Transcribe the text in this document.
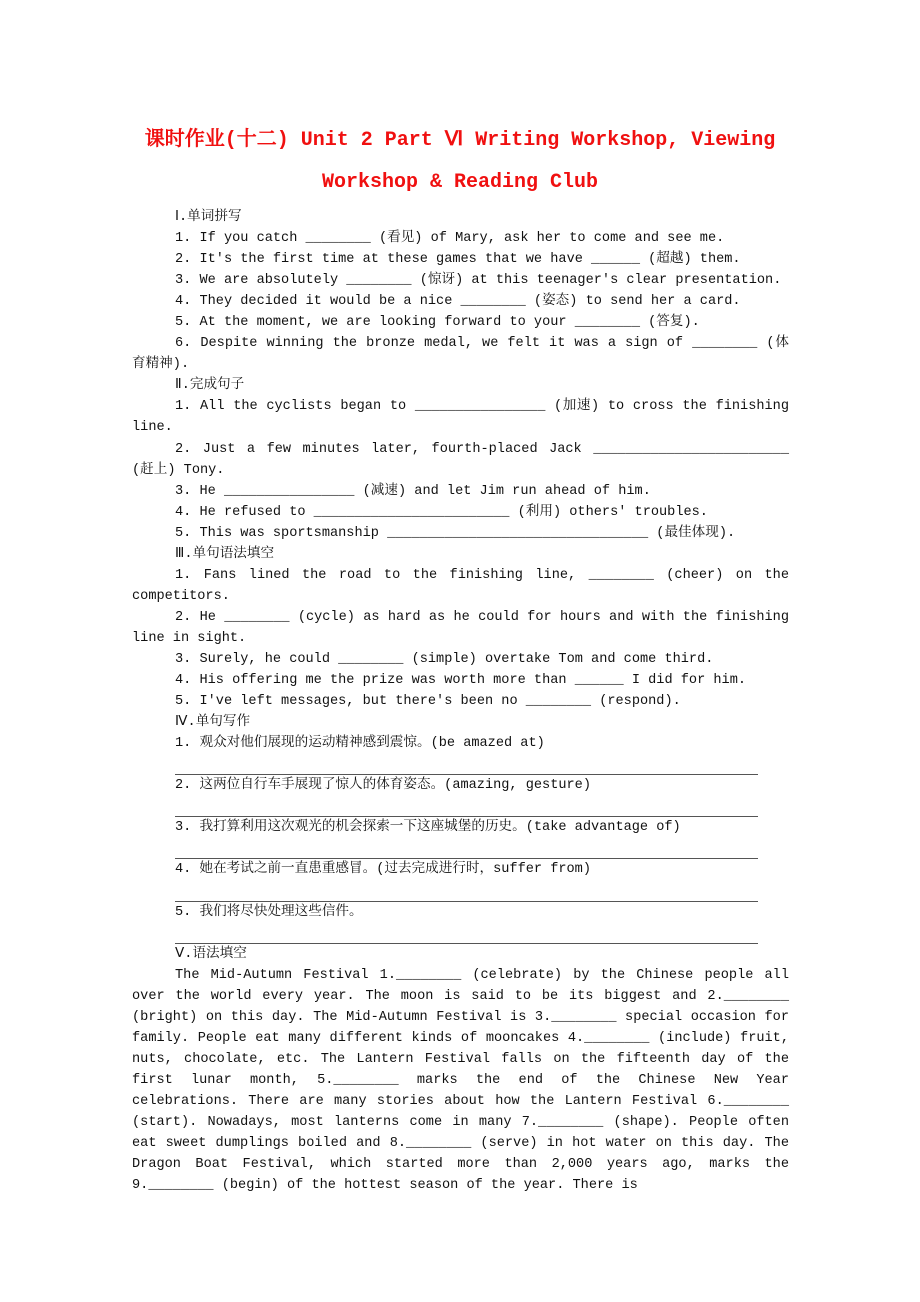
课时作业(十二) Unit 2 Part Ⅵ Writing Workshop, Viewing
Workshop & Reading Club
Ⅰ.单词拼写
1. If you catch ________ (看见) of Mary, ask her to come and see me.
2. It's the first time at these games that we have ______ (超越) them.
3. We are absolutely ________ (惊讶) at this teenager's clear presentation.
4. They decided it would be a nice ________ (姿态) to send her a card.
5. At the moment, we are looking forward to your ________ (答复).
6. Despite winning the bronze medal, we felt it was a sign of ________ (体育精神).
Ⅱ.完成句子
1. All the cyclists began to ________________ (加速) to cross the finishing line.
2. Just a few minutes later, fourth-placed Jack ________________________ (赶上) Tony.
3. He ________________ (减速) and let Jim run ahead of him.
4. He refused to ________________________ (利用) others' troubles.
5. This was sportsmanship ________________________________ (最佳体现).
Ⅲ.单句语法填空
1. Fans lined the road to the finishing line, ________ (cheer) on the competitors.
2. He ________ (cycle) as hard as he could for hours and with the finishing line in sight.
3. Surely, he could ________ (simple) overtake Tom and come third.
4. His offering me the prize was worth more than ______ I did for him.
5. I've left messages, but there's been no ________ (respond).
Ⅳ.单句写作
1. 观众对他们展现的运动精神感到震惊。(be amazed at)
2. 这两位自行车手展现了惊人的体育姿态。(amazing, gesture)
3. 我打算利用这次观光的机会探索一下这座城堡的历史。(take advantage of)
4. 她在考试之前一直患重感冒。(过去完成进行时，suffer from)
5. 我们将尽快处理这些信件。
Ⅴ.语法填空
The Mid-Autumn Festival 1.________ (celebrate) by the Chinese people all over the world every year. The moon is said to be its biggest and 2.________ (bright) on this day. The Mid-Autumn Festival is 3.________ special occasion for family. People eat many different kinds of mooncakes 4.________ (include) fruit, nuts, chocolate, etc. The Lantern Festival falls on the fifteenth day of the first lunar month, 5.________ marks the end of the Chinese New Year celebrations. There are many stories about how the Lantern Festival 6.________ (start). Nowadays, most lanterns come in many 7.________ (shape). People often eat sweet dumplings boiled and 8.________ (serve) in hot water on this day. The Dragon Boat Festival, which started more than 2,000 years ago, marks the 9.________ (begin) of the hottest season of the year. There is
